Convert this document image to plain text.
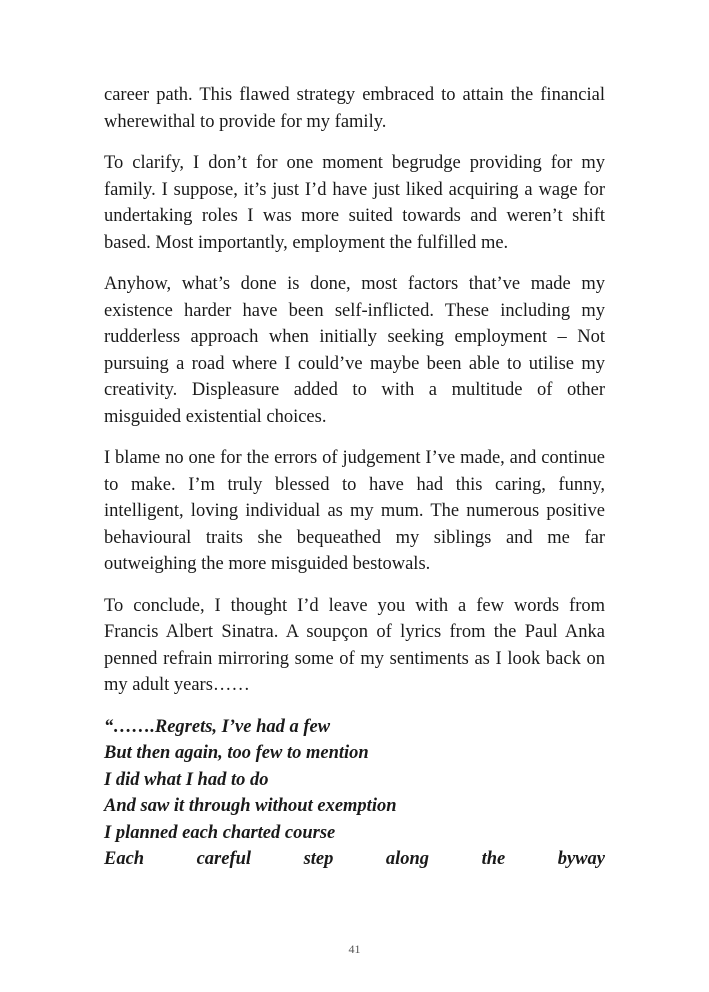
career path. This flawed strategy embraced to attain the financial wherewithal to provide for my family.

To clarify, I don’t for one moment begrudge providing for my family. I suppose, it’s just I’d have just liked acquiring a wage for undertaking roles I was more suited towards and weren’t shift based. Most importantly, employment the fulfilled me.

Anyhow, what’s done is done, most factors that’ve made my existence harder have been self-inflicted. These including my rudderless approach when initially seeking employment – Not pursuing a road where I could’ve maybe been able to utilise my creativity. Displeasure added to with a multitude of other misguided existential choices.

I blame no one for the errors of judgement I’ve made, and continue to make. I’m truly blessed to have had this caring, funny, intelligent, loving individual as my mum. The numerous positive behavioural traits she bequeathed my siblings and me far outweighing the more misguided bestowals.

To conclude, I thought I’d leave you with a few words from Francis Albert Sinatra. A soupçon of lyrics from the Paul Anka penned refrain mirroring some of my sentiments as I look back on my adult years……

“…….Regrets, I’ve had a few
But then again, too few to mention
I did what I had to do
And saw it through without exemption
I planned each charted course
Each	careful	step	along	the	byway
41
